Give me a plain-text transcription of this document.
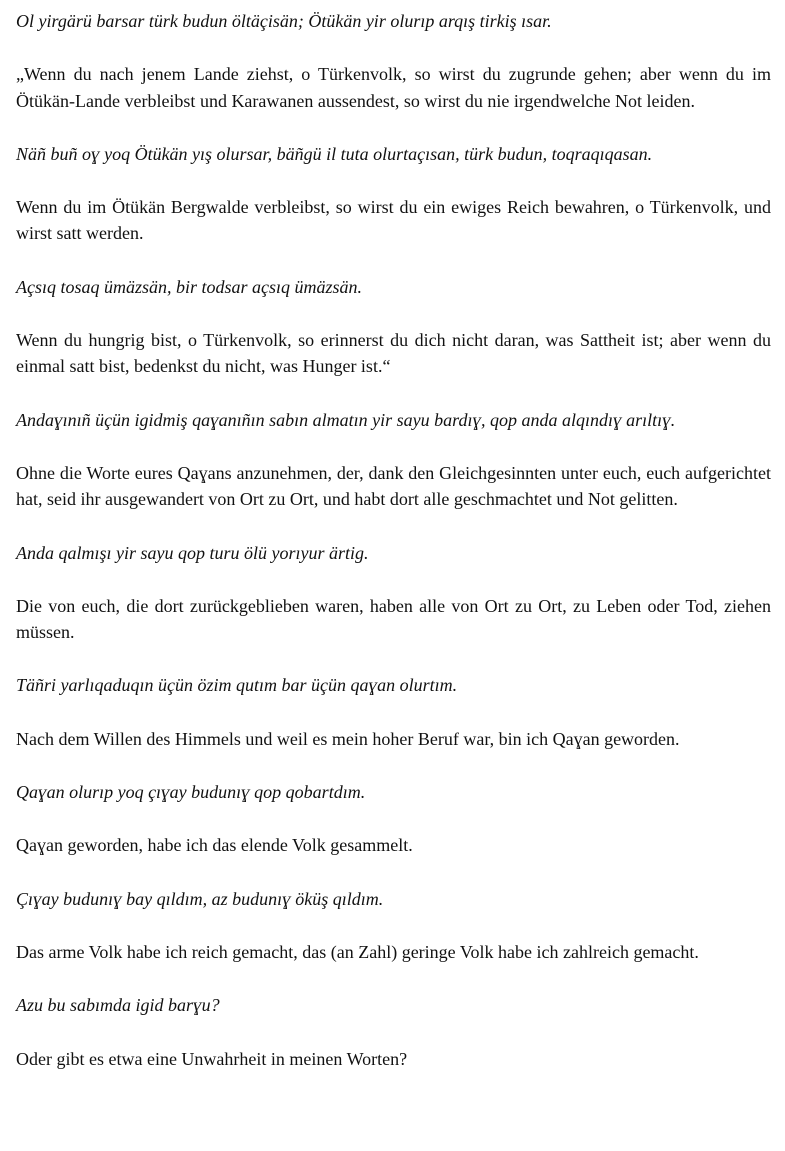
Ol yirgärü barsar türk budun öltäçisän; Ötükän yir olurıp arqış tirkiş ısar.

„Wenn du nach jenem Lande ziehst, o Türkenvolk, so wirst du zugrunde gehen; aber wenn du im Ötükän-Lande verbleibst und Karawanen aussendest, so wirst du nie irgendwelche Not leiden.

Näñ buñ oɣ yoq Ötükän yış olursar, bäñgü il tuta olurtaçısan, türk budun, toqraqıqasan.

Wenn du im Ötükän Bergwalde verbleibst, so wirst du ein ewiges Reich bewahren, o Türkenvolk, und wirst satt werden.

Açsıq tosaq ümäzsän, bir todsar açsıq ümäzsän.

Wenn du hungrig bist, o Türkenvolk, so erinnerst du dich nicht daran, was Sattheit ist; aber wenn du einmal satt bist, bedenkst du nicht, was Hunger ist.“

Andaɣınıñ üçün igidmiş qaɣanıñın sabın almatın yir sayu bardıɣ, qop anda alqındıɣ arıltıɣ.

Ohne die Worte eures Qaɣans anzunehmen, der, dank den Gleichgesinnten unter euch, euch aufgerichtet hat, seid ihr ausgewandert von Ort zu Ort, und habt dort alle geschmachtet und Not gelitten.

Anda qalmışı yir sayu qop turu ölü yorıyur ärtig.

Die von euch, die dort zurückgeblieben waren, haben alle von Ort zu Ort, zu Leben oder Tod, ziehen müssen.

Täñri yarlıqaduqın üçün özim qutım bar üçün qaɣan olurtım.

Nach dem Willen des Himmels und weil es mein hoher Beruf war, bin ich Qaɣan geworden.

Qaɣan olurıp yoq çıɣay budunıɣ qop qobartdım.

Qaɣan geworden, habe ich das elende Volk gesammelt.

Çıɣay budunıɣ bay qıldım, az budunıɣ öküş qıldım.

Das arme Volk habe ich reich gemacht, das (an Zahl) geringe Volk habe ich zahlreich gemacht.

Azu bu sabımda igid barɣu?

Oder gibt es etwa eine Unwahrheit in meinen Worten?
